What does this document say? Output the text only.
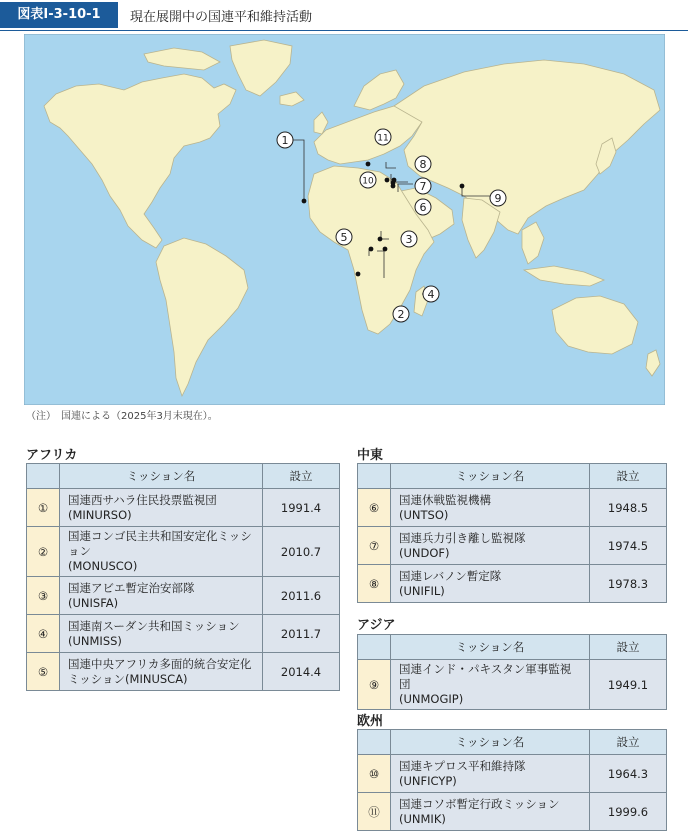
図表Ⅰ-3-10-1	現在展開中の国連平和維持活動
1
2
3
4
5
6
7
8
9
10
11
（注）　国連による（2025年3月末現在）。
アフリカ
	ミッション名	設立
①	国連西サハラ住民投票監視団
(MINURSO)	1991.4
②	国連コンゴ民主共和国安定化ミッション
(MONUSCO)	2010.7
③	国連アビエ暫定治安部隊
(UNISFA)	2011.6
④	国連南スーダン共和国ミッション
(UNMISS)	2011.7
⑤	国連中央アフリカ多面的統合安定化
ミッション(MINUSCA)	2014.4
中東
	ミッション名	設立
⑥	国連休戦監視機構
(UNTSO)	1948.5
⑦	国連兵力引き離し監視隊
(UNDOF)	1974.5
⑧	国連レバノン暫定隊
(UNIFIL)	1978.3
アジア
	ミッション名	設立
⑨	国連インド・パキスタン軍事監視団
(UNMOGIP)	1949.1
欧州
	ミッション名	設立
⑩	国連キプロス平和維持隊
(UNFICYP)	1964.3
⑪	国連コソボ暫定行政ミッション
(UNMIK)	1999.6
